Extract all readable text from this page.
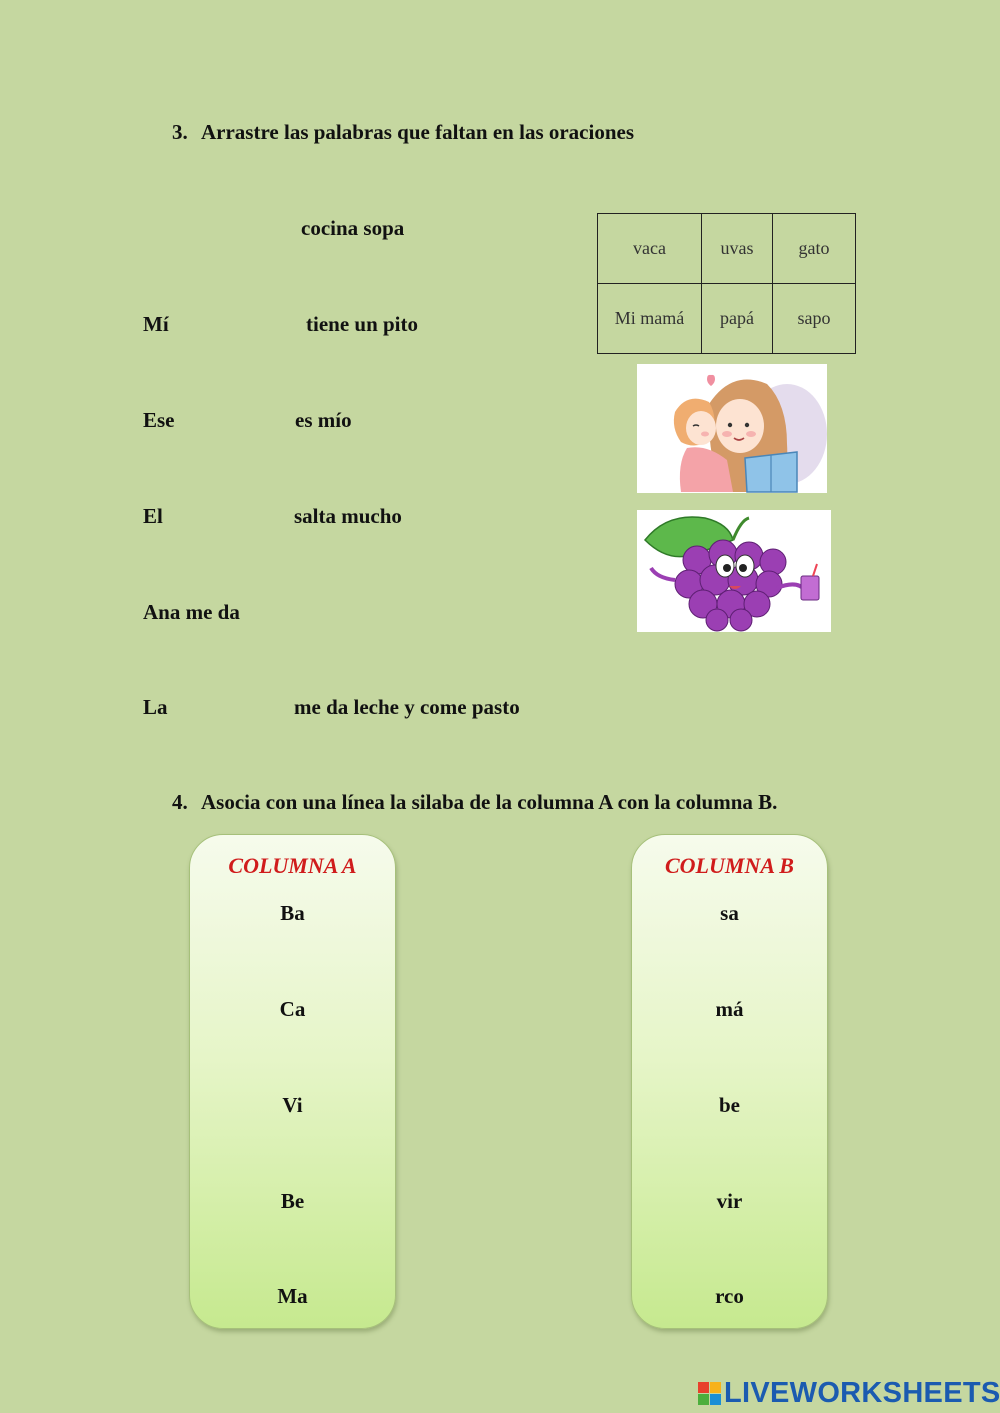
3. Arrastre las palabras que faltan en las oraciones
cocina sopa
Mí	tiene un pito
Ese	es mío
El	salta mucho
Ana me da
La	me da leche y come pasto
vaca	uvas	gato
Mi mamá	papá	sapo
4. Asocia con una línea la silaba de la columna A con la columna B.
COLUMNA A
Ba
Ca
Vi
Be
Ma
COLUMNA B
sa
má
be
vir
rco
LIVEWORKSHEETS
